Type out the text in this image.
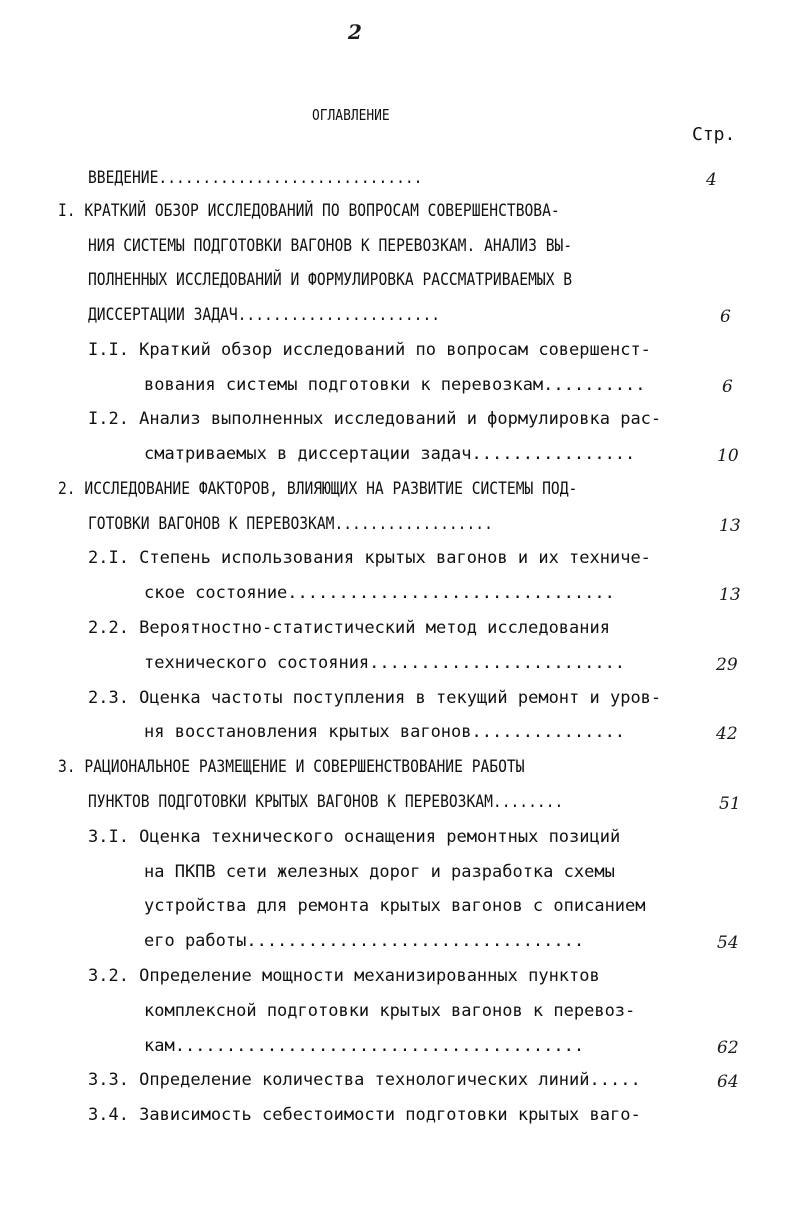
2
ОГЛАВЛЕНИЕ
Стр.
ВВЕДЕНИЕ..............................	4
I. КРАТКИЙ ОБЗОР ИССЛЕДОВАНИЙ ПО ВОПРОСАМ СОВЕРШЕНСТВОВА-
НИЯ СИСТЕМЫ ПОДГОТОВКИ ВАГОНОВ К ПЕРЕВОЗКАМ. АНАЛИЗ ВЫ-
ПОЛНЕННЫХ ИССЛЕДОВАНИЙ И ФОРМУЛИРОВКА РАССМАТРИВАЕМЫХ В
ДИССЕРТАЦИИ ЗАДАЧ.......................	6
I.I. Краткий обзор исследований по вопросам совершенст-
вования системы подготовки к перевозкам..........	6
I.2. Анализ выполненных исследований и формулировка рас-
сматриваемых в диссертации задач................	10
2. ИССЛЕДОВАНИЕ ФАКТОРОВ, ВЛИЯЮЩИХ НА РАЗВИТИЕ СИСТЕМЫ ПОД-
ГОТОВКИ ВАГОНОВ К ПЕРЕВОЗКАМ..................	13
2.I. Степень использования крытых вагонов и их техниче-
ское состояние................................	13
2.2. Вероятностно-статистический метод исследования
технического состояния.........................	29
2.3. Оценка частоты поступления в текущий ремонт и уров-
ня восстановления крытых вагонов...............	42
3. РАЦИОНАЛЬНОЕ РАЗМЕЩЕНИЕ И СОВЕРШЕНСТВОВАНИЕ РАБОТЫ
ПУНКТОВ ПОДГОТОВКИ КРЫТЫХ ВАГОНОВ К ПЕРЕВОЗКАМ........	51
3.I. Оценка технического оснащения ремонтных позиций
на ПКПВ сети железных дорог и разработка схемы
устройства для ремонта крытых вагонов с описанием
его работы.................................	54
3.2. Определение мощности механизированных пунктов
комплексной подготовки крытых вагонов к перевоз-
кам........................................	62
3.3. Определение количества технологических линий.....	64
3.4. Зависимость себестоимости подготовки крытых ваго-
